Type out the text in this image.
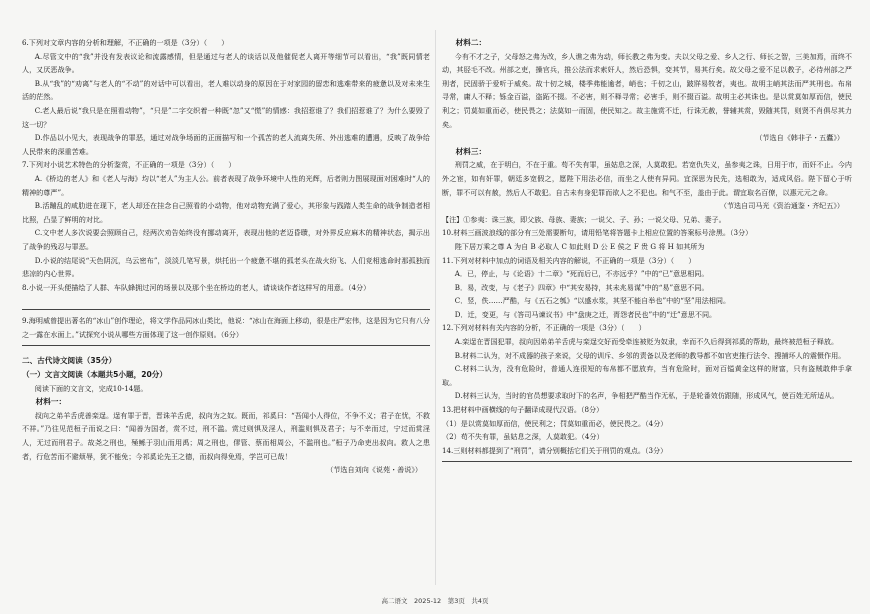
6.下列对文章内容的分析和理解，不正确的一项是（3分）（　　）

A.尽管文中的“我”并没有发表议论和流露感情，但是通过与老人的谈话以及他催促老人离开等细节可以看出，“我”既同情老人，又厌恶战争。

B.从“我”的“劝离”与老人的“不动”的对话中可以看出，老人难以动身的原因在于对家园的留恋和逃难带来的疲惫以及对未来生活的茫然。

C.老人最后说“我只是在照看动物”，“只是”二字交织着一种既“忽”又“慌”的情感：我招惹谁了？我们招惹谁了？为什么要毁了这一切？

D.作品以小见大，表现战争的罪恶，通过对战争场面的正面描写和一个孤苦的老人流离失所、外出逃难的遭遇，反映了战争给人民带来的深重苦难。

7.下列对小说艺术特色的分析鉴赏，不正确的一项是（3分）（　　）

A.《桥边的老人》和《老人与海》均以“老人”为主人公。前者表现了战争环境中人性的光辉，后者则力图展现面对困难时“人的精神的尊严”。

B.活蹦乱的咸肋进在现下，老人却还在挂念自己照看的小动物，他对动物充满了爱心，其形象与践踏人类生命的战争制造者相比照，凸显了鲜明的对比。

C.文中老人多次说要会照顾自己，经两次劝告始终没有挪动离开，表现出他的老迈昏聩，对外界反应麻木的精神状态，揭示出了战争的残忍与罪恶。

D.小说的结尾说“天色阴沉，乌云密布”，淡淡几笔写景，烘托出一个疲惫不堪的孤老头在战火纷飞、人们竞相逃命时那孤独而悲凉的内心世界。

8.小说一开头便描绘了人群、车队蜂拥过河的场景以及那个坐在桥边的老人，请谈谈作者这样写的用意。（4分）

9.海明威曾提出著名的“冰山”创作理论，将文学作品同冰山类比，他说：“冰山在海面上移动，很是庄严宏伟，这是因为它只有八分之一露在水面上。”试探究小说从哪些方面体现了这一创作原则。（6分）

二、古代诗文阅读（35分）

（一）文言文阅读（本题共5小题，20分）

阅读下面的文言文，完成10-14题。

材料一：

叔向之弟羊舌虎善栾逞。逞有罪于晋，晋诛羊舌虎，叔向为之奴。既而，祁奚曰：“吾闻小人得位，不争不义；君子在忧，不救不祥。”乃往见范桓子而说之曰：“闻善为国者，赏不过，刑不滥。赏过则惧及淫人，刑滥则惧及君子；与不幸而过，宁过而赏淫人，无过而刑君子。故尧之刑也，殛鲧于羽山而用禹；周之刑也，僇管、蔡而相周公，不滥刑也。”桓子乃命吏出叔向。救人之患者，行危苦而不避烦辱，犹不能免；今祁奚论先王之德，而叔向得免焉，学岂可已哉！

（节选自刘向《说苑・善说》）

材料二：

今有不才之子，父母怒之弗为改，乡人谯之弗为动，师长教之弗为变。夫以父母之爱、乡人之行、师长之智，三美加焉，而终不动，其胫毛不改。州部之吏，操官兵，推公法而求索奸人，然后恐惧，变其节，易其行矣。故父母之爱不足以教子，必待州部之严刑者，民固骄于爱听于威矣。故十仞之城，楼季弗能逾者，峭也；千仞之山，跛牂易牧者，夷也。故明主峭其法而严其刑也。布帛寻常，庸人不释；铄金百溢，盗跖不掇。不必害，则不释寻常；必害手，则不掇百溢。故明主必其诛也。是以赏莫如厚而信，使民利之；罚莫如重而必，使民畏之；法莫如一而固，使民知之。故主施赏不迁，行诛无赦，誉辅其赏，毁随其罚，则贤不肖俱尽其力矣。

（节选自《韩非子・五蠹》）

材料三：

刑罚之威，在于明白，不在于重。苟不失有罪，虽姑息之深，人莫敢犯。若宽仇失义，虽参夷之诛，日用于市，而奸不止。今内外之宦，如有奸罪，朝廷多宽假之，愿陛下用法必信，而坐之人使有异同。宜深思为民先，选相敢为，适成风俗。陛下留心于听断，罪不可以有赦，然后人不敢犯。自古未有身犯罪而欲人之不犯也。和气不至，盖由于此。谓宜取名百僚，以惠元元之命。

（节选自司马光《资治通鉴・齐纪五》）

【注】①参夷：诛三族，即父族、母族、妻族；一说父、子、孙；一说父母、兄弟、妻子。

10.材料三画波浪线的部分有三处需要断句，请用铅笔将答题卡上相应位置的答案标号涂黑。（3分）

陛下居万乘之尊 A 为自 B 必取人 C 如此则 D 公 E 侯之 F 贵 G 将 H 如其所为

11.下列对材料中加点的词语及相关内容的解说，不正确的一项是（3分）（　　）

A．已，停止，与《论语》十二章》“死而后已，不亦远乎？”中的“已”意思相同。

B．易，改变，与《老子》四章》中“其安易持，其未兆易谋”中的“易”意思不同。

C．竖，佚……严酷，与《五石之瓠》“以盛水浆，其坚不能自举也”中的“坚”用法相同。

D．迁，变更，与《答司马谏议书》中“盘庚之迁，胥怨者民也”中的“迁”意思不同。

12.下列对材料有关内容的分析，不正确的一项是（3分）（　　）

A.栾逞在晋国犯罪，叔向因弟弟羊舌虎与栾逞交好而受牵连被贬为奴隶，幸而不久后得到祁奚的帮助，最终被范桓子释放。

B.材料二认为，对不成器的孩子来说，父母的训斥、乡邻的责备以及老师的教导都不如官吏推行法令、搜捕坏人的震慑作用。

C.材料二认为，没有危险时，普通人连很短的布帛都不愿放弃，当有危险时，面对百镒黄金这样的财富，只有盗贼敢伸手拿取。

D.材料三认为，当时的官员想要求取时下的名声，争相把严酷当作无私，于是轮番效仿跟随，形成风气，使百姓无所适从。

13.把材料中画横线的句子翻译成现代汉语。（8分）

（1）是以赏莫如厚而信，使民利之；罚莫如重而必，使民畏之。（4分）

（2）苟不失有罪，虽姑息之深，人莫敢犯。（4分）

14.三则材料都提到了“刑罚”，请分别概括它们关于刑罚的观点。（3分）

高二语文　2025-12　第3页　共4页
